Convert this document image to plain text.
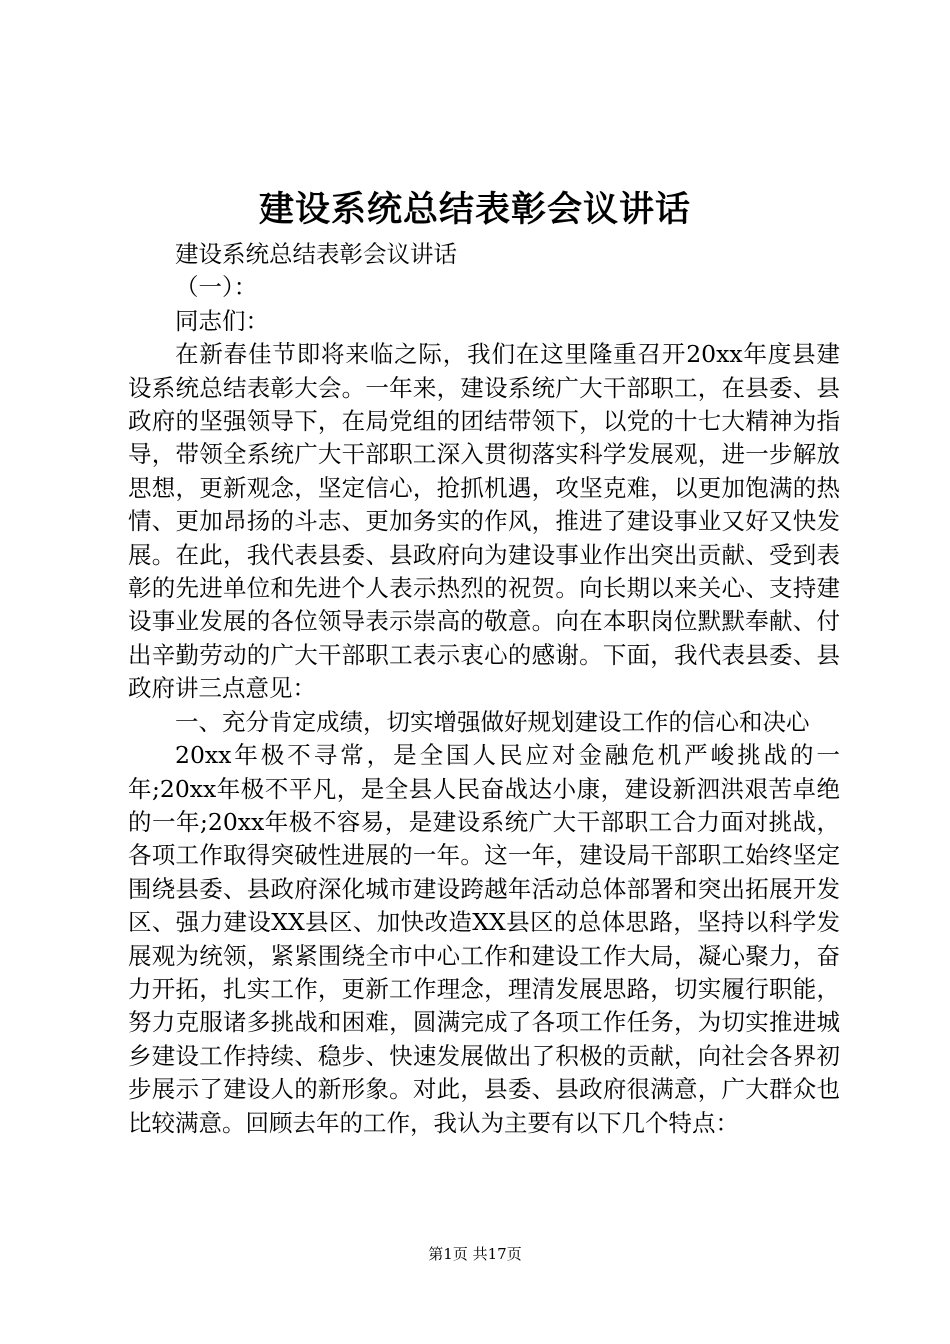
建设系统总结表彰会议讲话

建设系统总结表彰会议讲话

（一）：

同志们：

在新春佳节即将来临之际，我们在这里隆重召开20xx年度县建设系统总结表彰大会。一年来，建设系统广大干部职工，在县委、县政府的坚强领导下，在局党组的团结带领下，以党的十七大精神为指导，带领全系统广大干部职工深入贯彻落实科学发展观，进一步解放思想，更新观念，坚定信心，抢抓机遇，攻坚克难，以更加饱满的热情、更加昂扬的斗志、更加务实的作风，推进了建设事业又好又快发展。在此，我代表县委、县政府向为建设事业作出突出贡献、受到表彰的先进单位和先进个人表示热烈的祝贺。向长期以来关心、支持建设事业发展的各位领导表示崇高的敬意。向在本职岗位默默奉献、付出辛勤劳动的广大干部职工表示衷心的感谢。下面，我代表县委、县政府讲三点意见：

一、充分肯定成绩，切实增强做好规划建设工作的信心和决心

20xx年极不寻常，是全国人民应对金融危机严峻挑战的一年;20xx年极不平凡，是全县人民奋战达小康，建设新泗洪艰苦卓绝的一年;20xx年极不容易，是建设系统广大干部职工合力面对挑战，各项工作取得突破性进展的一年。这一年，建设局干部职工始终坚定围绕县委、县政府深化城市建设跨越年活动总体部署和突出拓展开发区、强力建设XX县区、加快改造XX县区的总体思路，坚持以科学发展观为统领，紧紧围绕全市中心工作和建设工作大局，凝心聚力，奋力开拓，扎实工作，更新工作理念，理清发展思路，切实履行职能，努力克服诸多挑战和困难，圆满完成了各项工作任务，为切实推进城乡建设工作持续、稳步、快速发展做出了积极的贡献，向社会各界初步展示了建设人的新形象。对此，县委、县政府很满意，广大群众也比较满意。回顾去年的工作，我认为主要有以下几个特点：

第1页 共17页
